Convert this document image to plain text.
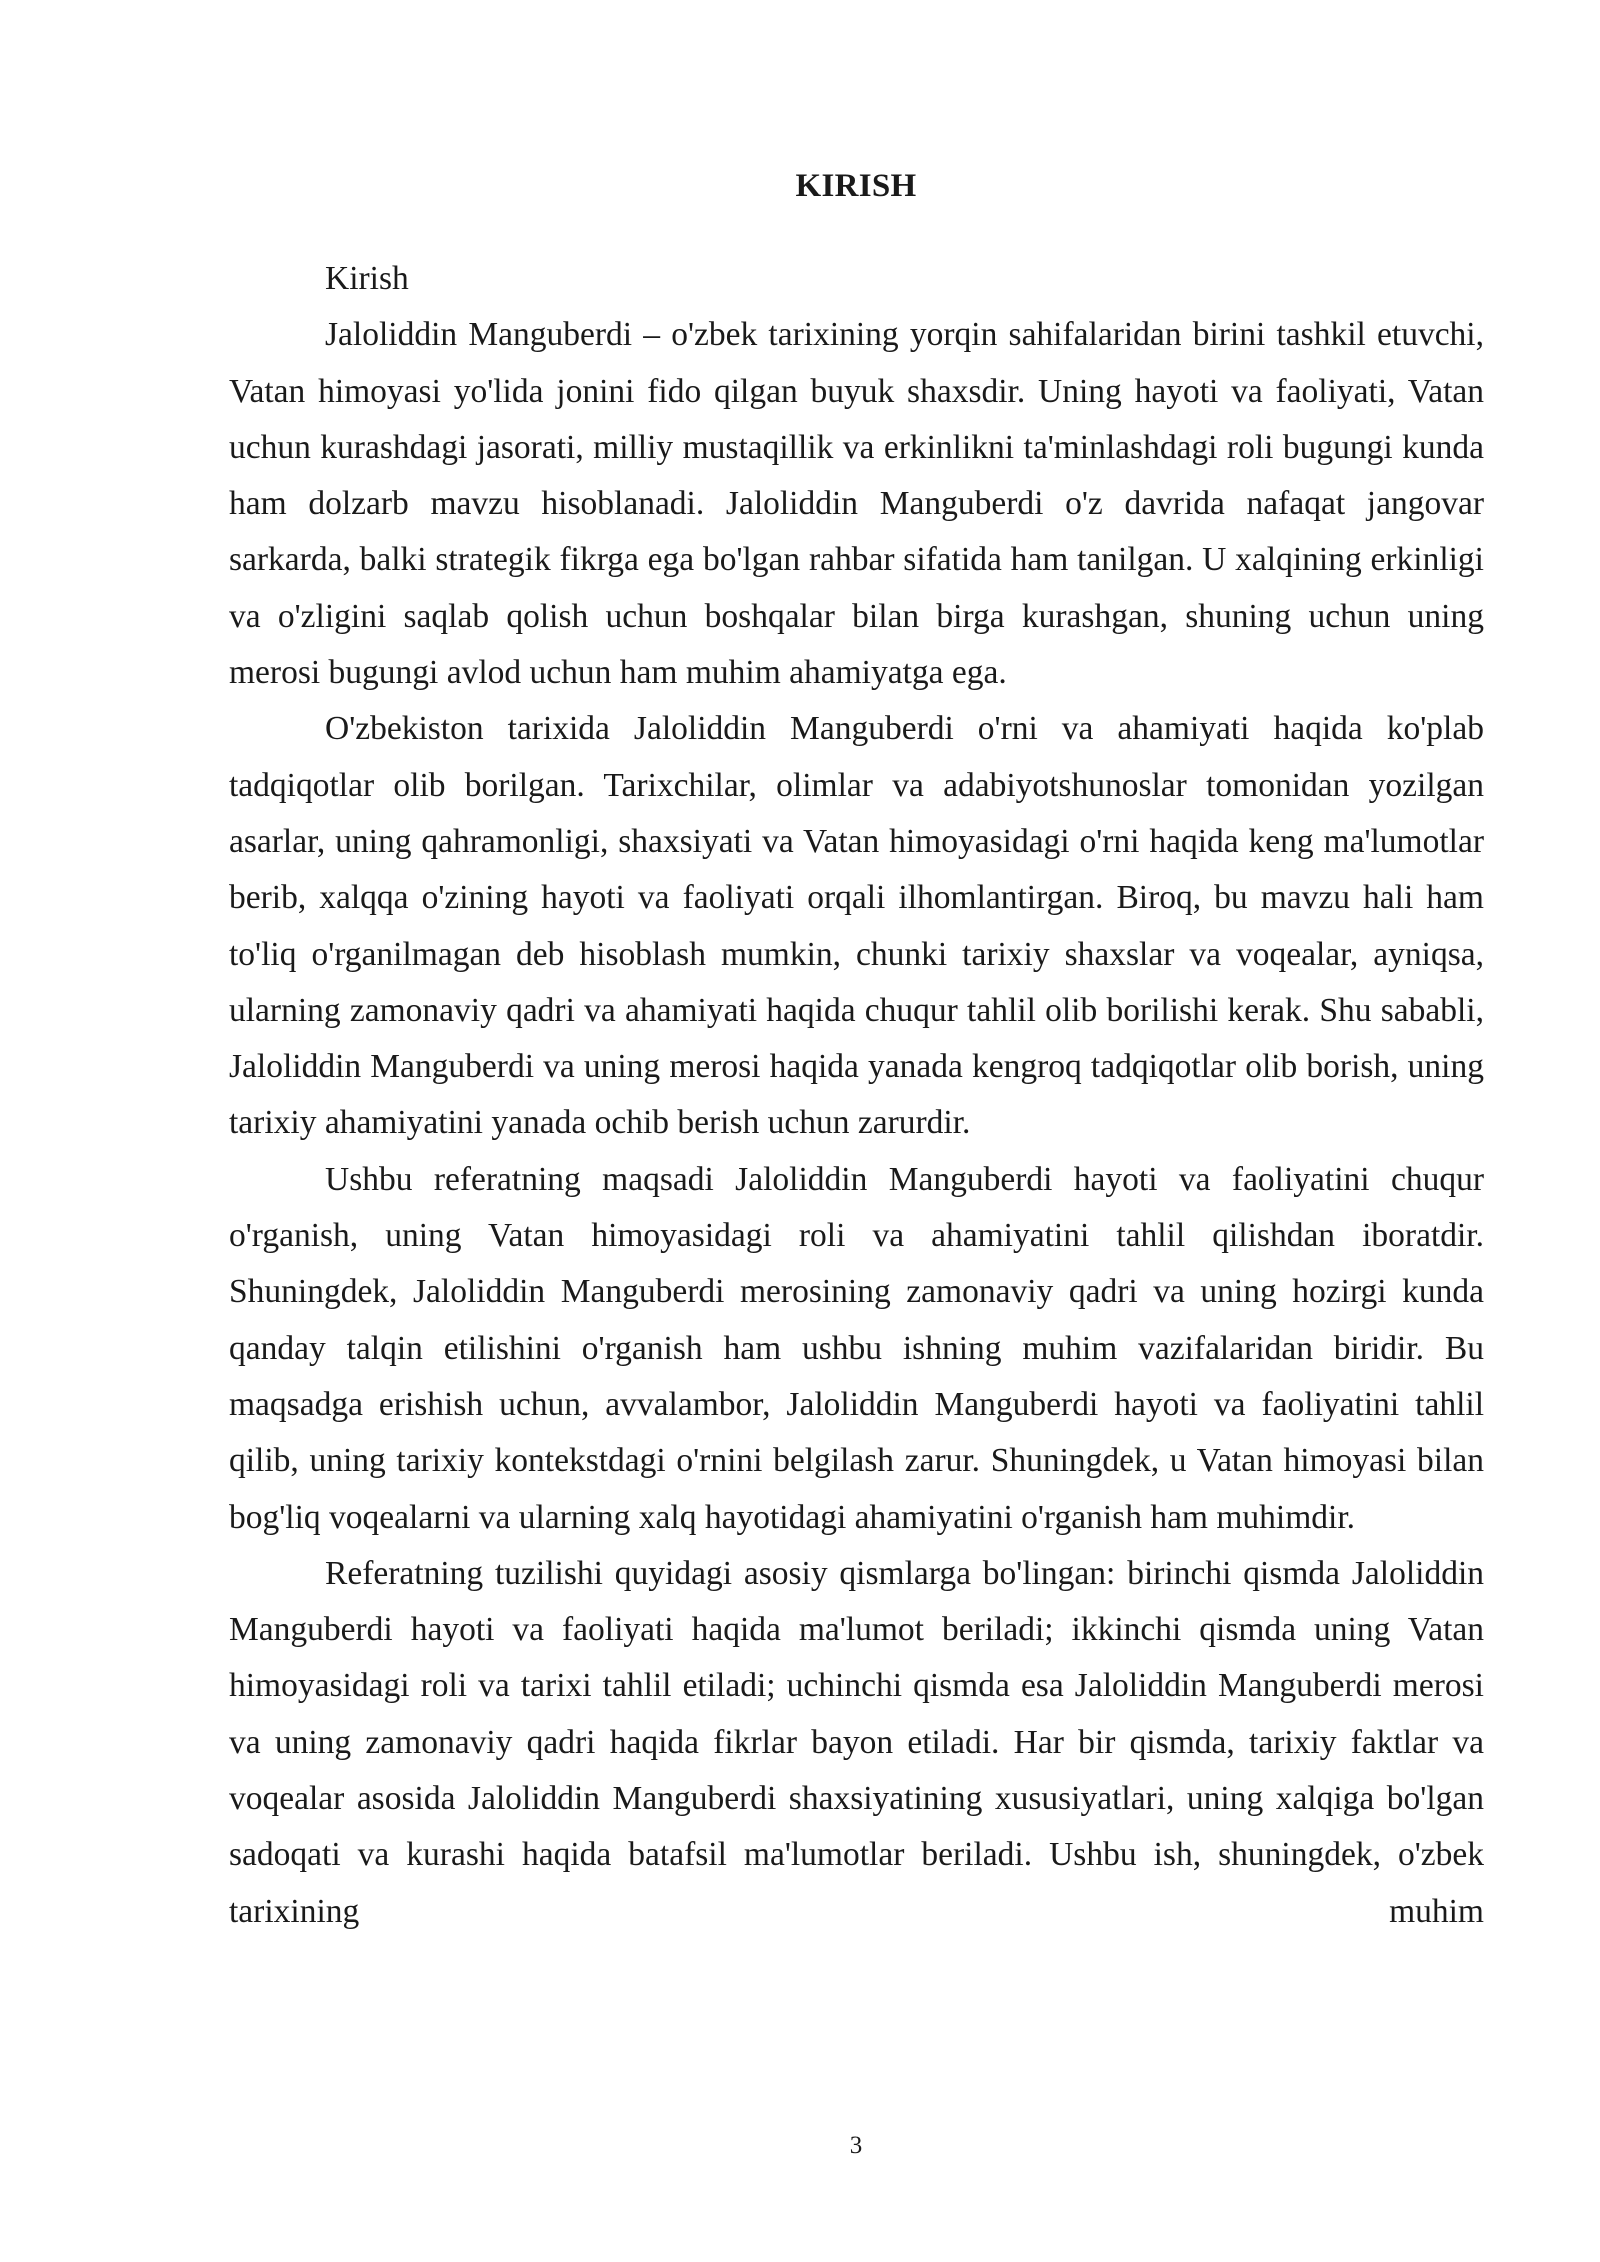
KIRISH

Kirish

Jaloliddin Manguberdi – o'zbek tarixining yorqin sahifalaridan birini tashkil etuvchi, Vatan himoyasi yo'lida jonini fido qilgan buyuk shaxsdir. Uning hayoti va faoliyati, Vatan uchun kurashdagi jasorati, milliy mustaqillik va erkinlikni ta'minlashdagi roli bugungi kunda ham dolzarb mavzu hisoblanadi. Jaloliddin Manguberdi o'z davrida nafaqat jangovar sarkarda, balki strategik fikrga ega bo'lgan rahbar sifatida ham tanilgan. U xalqining erkinligi va o'zligini saqlab qolish uchun boshqalar bilan birga kurashgan, shuning uchun uning merosi bugungi avlod uchun ham muhim ahamiyatga ega.

O'zbekiston tarixida Jaloliddin Manguberdi o'rni va ahamiyati haqida ko'plab tadqiqotlar olib borilgan. Tarixchilar, olimlar va adabiyotshunoslar tomonidan yozilgan asarlar, uning qahramonligi, shaxsiyati va Vatan himoyasidagi o'rni haqida keng ma'lumotlar berib, xalqqa o'zining hayoti va faoliyati orqali ilhomlantirgan. Biroq, bu mavzu hali ham to'liq o'rganilmagan deb hisoblash mumkin, chunki tarixiy shaxslar va voqealar, ayniqsa, ularning zamonaviy qadri va ahamiyati haqida chuqur tahlil olib borilishi kerak. Shu sababli, Jaloliddin Manguberdi va uning merosi haqida yanada kengroq tadqiqotlar olib borish, uning tarixiy ahamiyatini yanada ochib berish uchun zarurdir.

Ushbu referatning maqsadi Jaloliddin Manguberdi hayoti va faoliyatini chuqur o'rganish, uning Vatan himoyasidagi roli va ahamiyatini tahlil qilishdan iboratdir. Shuningdek, Jaloliddin Manguberdi merosining zamonaviy qadri va uning hozirgi kunda qanday talqin etilishini o'rganish ham ushbu ishning muhim vazifalaridan biridir. Bu maqsadga erishish uchun, avvalambor, Jaloliddin Manguberdi hayoti va faoliyatini tahlil qilib, uning tarixiy kontekstdagi o'rnini belgilash zarur. Shuningdek, u Vatan himoyasi bilan bog'liq voqealarni va ularning xalq hayotidagi ahamiyatini o'rganish ham muhimdir.

Referatning tuzilishi quyidagi asosiy qismlarga bo'lingan: birinchi qismda Jaloliddin Manguberdi hayoti va faoliyati haqida ma'lumot beriladi; ikkinchi qismda uning Vatan himoyasidagi roli va tarixi tahlil etiladi; uchinchi qismda esa Jaloliddin Manguberdi merosi va uning zamonaviy qadri haqida fikrlar bayon etiladi. Har bir qismda, tarixiy faktlar va voqealar asosida Jaloliddin Manguberdi shaxsiyatining xususiyatlari, uning xalqiga bo'lgan sadoqati va kurashi haqida batafsil ma'lumotlar beriladi. Ushbu ish, shuningdek, o'zbek tarixining muhim

3
